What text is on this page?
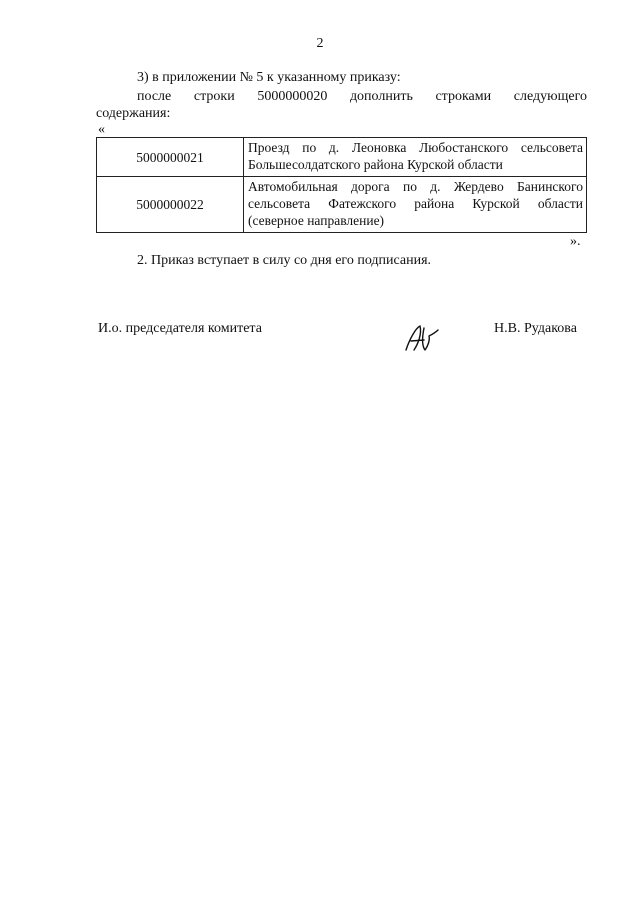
2
3) в приложении № 5 к указанному приказу:
после строки 5000000020 дополнить строками следующего
содержания:
«
5000000021	Проезд по д. Леоновка Любостанского сельсовета Большесолдатского района Курской области
5000000022	Автомобильная дорога по д. Жердево Банинского сельсовета Фатежского района Курской области (северное направление)
».
2. Приказ вступает в силу со дня его подписания.
И.о. председателя комитета	Н.В. Рудакова
